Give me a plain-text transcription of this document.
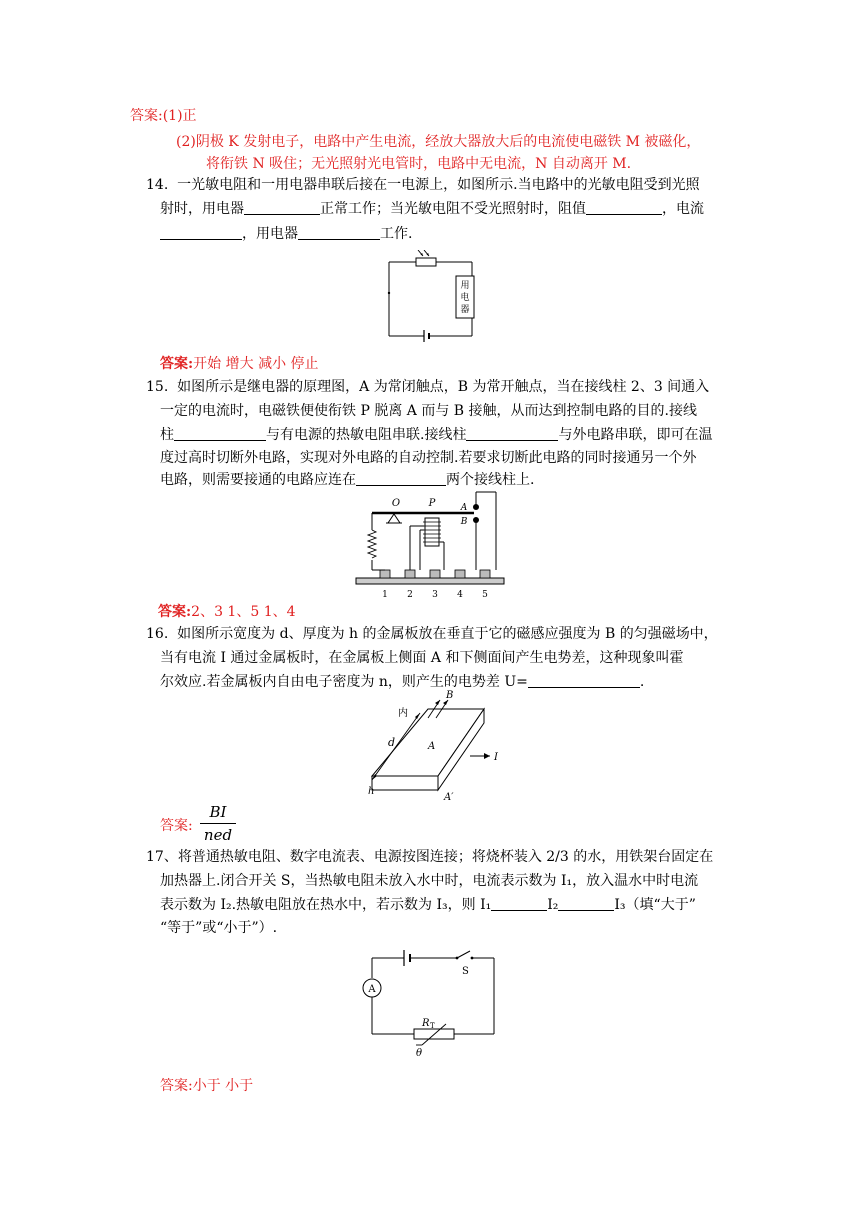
答案:(1)正
(2)阴极 K 发射电子，电路中产生电流，经放大器放大后的电流使电磁铁 M 被磁化，
将衔铁 N 吸住；无光照射光电管时，电路中无电流，N 自动离开 M.
14. 一光敏电阻和一用电器串联后接在一电源上，如图所示.当电路中的光敏电阻受到光照
射时，用电器	正常工作；当光敏电阻不受光照射时，阻值	，电流
，用电器	工作.
用
电
器
答案:开始 增大 减小 停止
15. 如图所示是继电器的原理图，A 为常闭触点，B 为常开触点，当在接线柱 2、3 间通入
一定的电流时，电磁铁便使衔铁 P 脱离 A 而与 B 接触，从而达到控制电路的目的.接线
柱	与有电源的热敏电阻串联.接线柱	与外电路串联，即可在温
度过高时切断外电路，实现对外电路的自动控制.若要求切断此电路的同时接通另一个外
电路，则需要接通的电路应连在	两个接线柱上.
1 2 3 4 5
O	P	A
B
答案:2、3 1、5 1、4
16. 如图所示宽度为 d、厚度为 h 的金属板放在垂直于它的磁感应强度为 B 的匀强磁场中，
当有电流 I 通过金属板时，在金属板上侧面 A 和下侧面间产生电势差，这种现象叫霍
尔效应.若金属板内自由电子密度为 n，则产生的电势差 U=	.
d
h
内
B
A
I
A′
答案:
BI
ned
17、将普通热敏电阻、数字电流表、电源按图连接；将烧杯装入 2/3 的水，用铁架台固定在
加热器上.闭合开关 S，当热敏电阻未放入水中时，电流表示数为 I₁，放入温水中时电流
表示数为 I₂.热敏电阻放在热水中，若示数为 I₃，则 I₁	I₂	I₃（填“大于”
“等于”或“小于”）.
S
A
R T
θ
答案:小于 小于
